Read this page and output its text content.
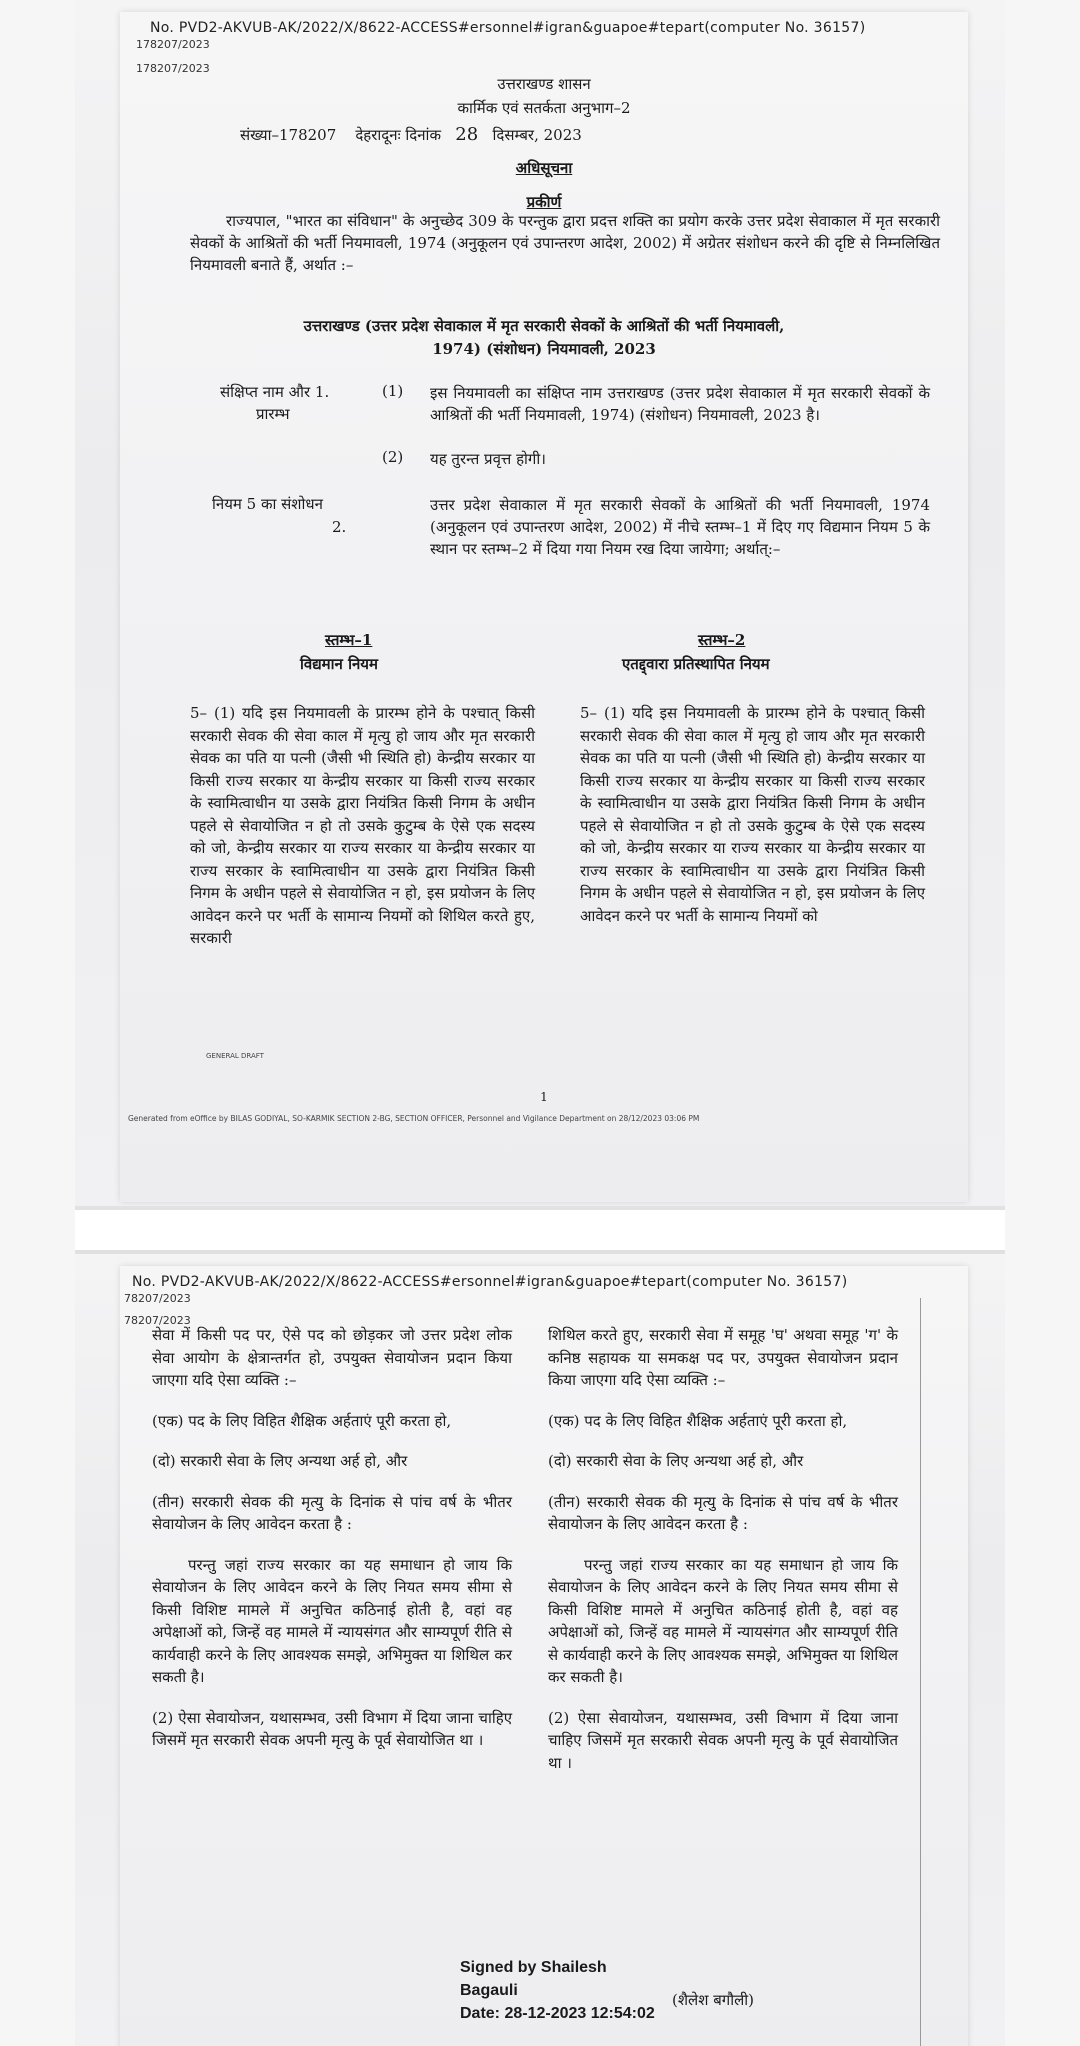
No. PVD2-AKVUB-AK/2022/X/8622-ACCESS#ersonnel#igran&guapoe#tepart(computer No. 36157)
178207/2023
178207/2023
उत्तराखण्ड शासन
कार्मिक एवं सतर्कता अनुभाग–2
संख्या–178207 देहरादूनः दिनांक 28 दिसम्बर, 2023
अधिसूचना
प्रकीर्ण
राज्यपाल, "भारत का संविधान" के अनुच्छेद 309 के परन्तुक द्वारा प्रदत्त शक्ति का प्रयोग करके उत्तर प्रदेश सेवाकाल में मृत सरकारी सेवकों के आश्रितों की भर्ती नियमावली, 1974 (अनुकूलन एवं उपान्तरण आदेश, 2002) में अग्रेतर संशोधन करने की दृष्टि से निम्नलिखित नियमावली बनाते हैं, अर्थात :–
उत्तराखण्ड (उत्तर प्रदेश सेवाकाल में मृत सरकारी सेवकों के आश्रितों की भर्ती नियमावली,
1974) (संशोधन) नियमावली, 2023
संक्षिप्त नाम और 1.
प्रारम्भ
(1) इस नियमावली का संक्षिप्त नाम उत्तराखण्ड (उत्तर प्रदेश सेवाकाल में मृत सरकारी सेवकों के आश्रितों की भर्ती नियमावली, 1974) (संशोधन) नियमावली, 2023 है।
(2) यह तुरन्त प्रवृत्त होगी।
नियम 5 का संशोधन
2.
उत्तर प्रदेश सेवाकाल में मृत सरकारी सेवकों के आश्रितों की भर्ती नियमावली, 1974 (अनुकूलन एवं उपान्तरण आदेश, 2002) में नीचे स्तम्भ–1 में दिए गए विद्यमान नियम 5 के स्थान पर स्तम्भ–2 में दिया गया नियम रख दिया जायेगा; अर्थात्:–
स्तम्भ–1
विद्यमान नियम
स्तम्भ–2
एतद्द्वारा प्रतिस्थापित नियम
5– (1) यदि इस नियमावली के प्रारम्भ होने के पश्चात् किसी सरकारी सेवक की सेवा काल में मृत्यु हो जाय और मृत सरकारी सेवक का पति या पत्नी (जैसी भी स्थिति हो) केन्द्रीय सरकार या किसी राज्य सरकार या केन्द्रीय सरकार या किसी राज्य सरकार के स्वामित्वाधीन या उसके द्वारा नियंत्रित किसी निगम के अधीन पहले से सेवायोजित न हो तो उसके कुटुम्ब के ऐसे एक सदस्य को जो, केन्द्रीय सरकार या राज्य सरकार या केन्द्रीय सरकार या राज्य सरकार के स्वामित्वाधीन या उसके द्वारा नियंत्रित किसी निगम के अधीन पहले से सेवायोजित न हो, इस प्रयोजन के लिए आवेदन करने पर भर्ती के सामान्य नियमों को शिथिल करते हुए, सरकारी
5– (1) यदि इस नियमावली के प्रारम्भ होने के पश्चात् किसी सरकारी सेवक की सेवा काल में मृत्यु हो जाय और मृत सरकारी सेवक का पति या पत्नी (जैसी भी स्थिति हो) केन्द्रीय सरकार या किसी राज्य सरकार या केन्द्रीय सरकार या किसी राज्य सरकार के स्वामित्वाधीन या उसके द्वारा नियंत्रित किसी निगम के अधीन पहले से सेवायोजित न हो तो उसके कुटुम्ब के ऐसे एक सदस्य को जो, केन्द्रीय सरकार या राज्य सरकार या केन्द्रीय सरकार या राज्य सरकार के स्वामित्वाधीन या उसके द्वारा नियंत्रित किसी निगम के अधीन पहले से सेवायोजित न हो, इस प्रयोजन के लिए आवेदन करने पर भर्ती के सामान्य नियमों को
GENERAL DRAFT
1
Generated from eOffice by BILAS GODIYAL, SO-KARMIK SECTION 2-BG, SECTION OFFICER, Personnel and Vigilance Department on 28/12/2023 03:06 PM
No. PVD2-AKVUB-AK/2022/X/8622-ACCESS#ersonnel#igran&guapoe#tepart(computer No. 36157)
78207/2023
78207/2023

सेवा में किसी पद पर, ऐसे पद को छोड़कर जो उत्तर प्रदेश लोक सेवा आयोग के क्षेत्रान्तर्गत हो, उपयुक्त सेवायोजन प्रदान किया जाएगा यदि ऐसा व्यक्ति :–

(एक) पद के लिए विहित शैक्षिक अर्हताएं पूरी करता हो,

(दो) सरकारी सेवा के लिए अन्यथा अर्ह हो, और

(तीन) सरकारी सेवक की मृत्यु के दिनांक से पांच वर्ष के भीतर सेवायोजन के लिए आवेदन करता है :

परन्तु जहां राज्य सरकार का यह समाधान हो जाय कि सेवायोजन के लिए आवेदन करने के लिए नियत समय सीमा से किसी विशिष्ट मामले में अनुचित कठिनाई होती है, वहां वह अपेक्षाओं को, जिन्हें वह मामले में न्यायसंगत और साम्यपूर्ण रीति से कार्यवाही करने के लिए आवश्यक समझे, अभिमुक्त या शिथिल कर सकती है।

(2) ऐसा सेवायोजन, यथासम्भव, उसी विभाग में दिया जाना चाहिए जिसमें मृत सरकारी सेवक अपनी मृत्यु के पूर्व सेवायोजित था ।

शिथिल करते हुए, सरकारी सेवा में समूह 'घ' अथवा समूह 'ग' के कनिष्ठ सहायक या समकक्ष पद पर, उपयुक्त सेवायोजन प्रदान किया जाएगा यदि ऐसा व्यक्ति :–

(एक) पद के लिए विहित शैक्षिक अर्हताएं पूरी करता हो,

(दो) सरकारी सेवा के लिए अन्यथा अर्ह हो, और

(तीन) सरकारी सेवक की मृत्यु के दिनांक से पांच वर्ष के भीतर सेवायोजन के लिए आवेदन करता है :

परन्तु जहां राज्य सरकार का यह समाधान हो जाय कि सेवायोजन के लिए आवेदन करने के लिए नियत समय सीमा से किसी विशिष्ट मामले में अनुचित कठिनाई होती है, वहां वह अपेक्षाओं को, जिन्हें वह मामले में न्यायसंगत और साम्यपूर्ण रीति से कार्यवाही करने के लिए आवश्यक समझे, अभिमुक्त या शिथिल कर सकती है।

(2) ऐसा सेवायोजन, यथासम्भव, उसी विभाग में दिया जाना चाहिए जिसमें मृत सरकारी सेवक अपनी मृत्यु के पूर्व सेवायोजित था ।

Signed by Shailesh
Bagauli
Date: 28-12-2023 12:54:02
(शैलेश बगौली)
